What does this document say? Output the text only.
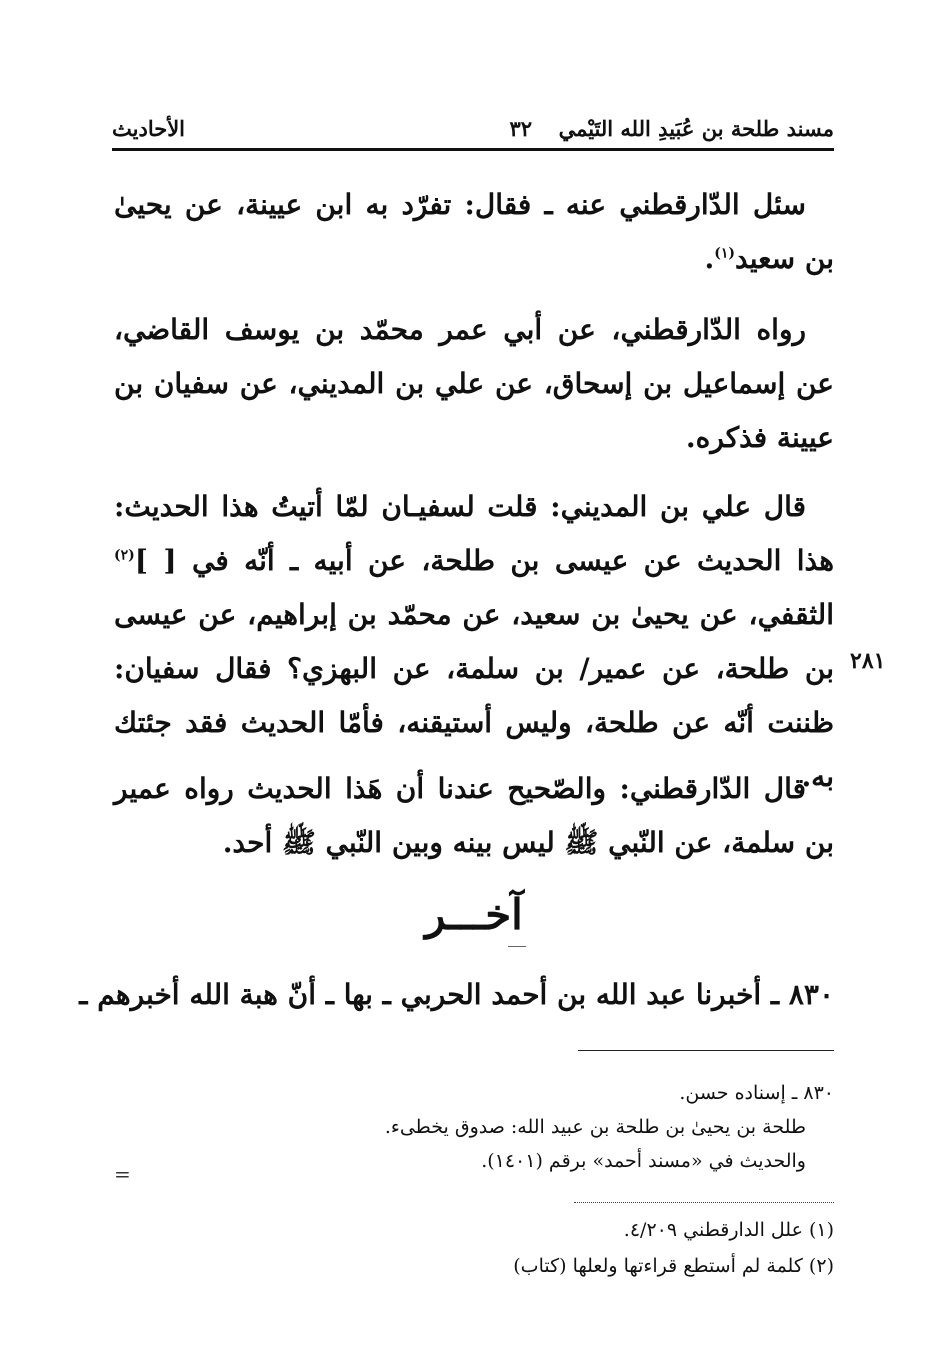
مسند طلحة بن عُبَيدِ الله التَيْمي
٣٢
الأحاديث

سئل الدّارقطني عنه ـ فقال: تفرّد به ابن عيينة، عن يحيىٰ بن سعيد$^{(١)}$.

رواه الدّارقطني، عن أبي عمر محمّد بن يوسف القاضي، عن إسماعيل بن إسحاق، عن علي بن المديني، عن سفيان بن عيينة فذكره.

قال علي بن المديني: قلت لسفيـان لمّا أتيتُ هذا الحديث: هذا الحديث عن عيسى بن طلحة، عن أبيه ـ أنّه في [ ]$^{(٢)}$ الثقفي، عن يحيىٰ بن سعيد، عن محمّد بن إبراهيم، عن عيسى بن طلحة، عن عمير/ بن سلمة، عن البهزي؟ فقال سفيان: ظننت أنّه عن طلحة، وليس أستيقنه، فأمّا الحديث فقد جئتك به.

٢٨١

قال الدّارقطني: والصّحيح عندنا أن هَذا الحديث رواه عمير بن سلمة، عن النّبي ﷺ ليس بينه وبين النّبي ﷺ أحد.

آخـــر
٨٣٠ ـ أخبرنا عبد الله بن أحمد الحربي ـ بها ـ أنّ هبة الله أخبرهم ـ
٨٣٠ ـ إسناده حسن.
طلحة بن يحيىٰ بن طلحة بن عبيد الله: صدوق يخطىء.
والحديث في «مسند أحمد» برقم (١٤٠١).
=
(١) علل الدارقطني ٤/٢٠٩.
(٢) كلمة لم أستطع قراءتها ولعلها (كتاب)
